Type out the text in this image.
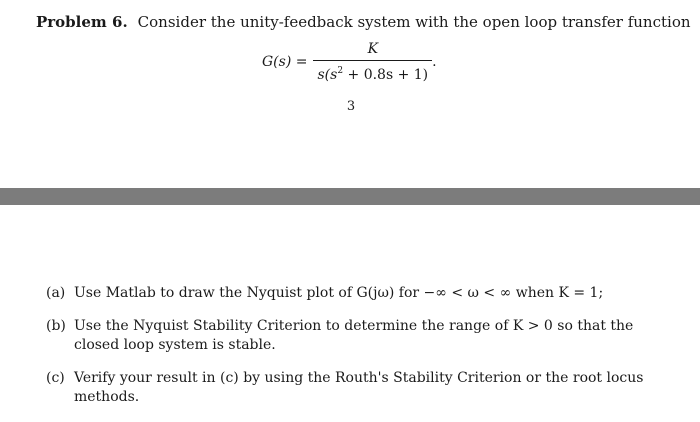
Problem 6. Consider the unity-feedback system with the open loop transfer function
$G(s) = \frac{K}{s(s^2 + 0.8s + 1)}$ .
3
(a) Use Matlab to draw the Nyquist plot of G(jω) for −∞ < ω < ∞ when K = 1;
(b) Use the Nyquist Stability Criterion to determine the range of K > 0 so that the closed loop system is stable.
(c) Verify your result in (c) by using the Routh's Stability Criterion or the root locus methods.
